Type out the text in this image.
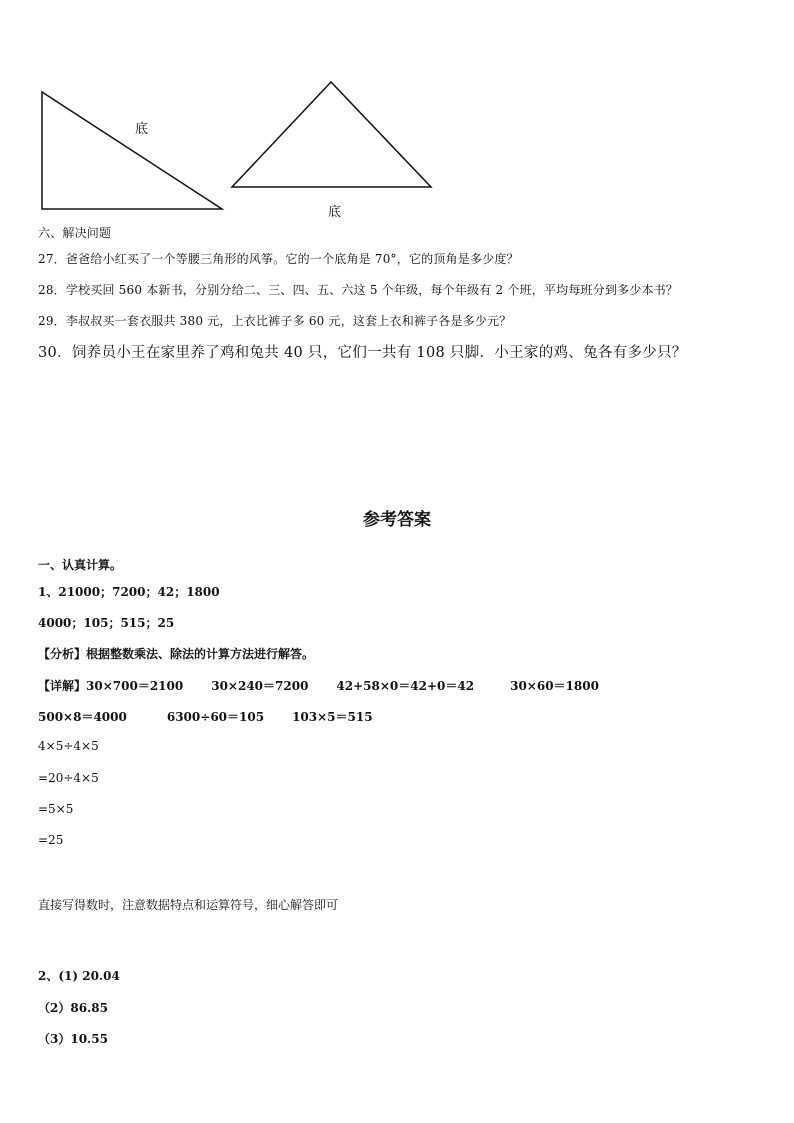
底
底
六、解决问题
27．爸爸给小红买了一个等腰三角形的风筝。它的一个底角是 70°，它的顶角是多少度？
28．学校买回 560 本新书，分别分给二、三、四、五、六这 5 个年级，每个年级有 2 个班，平均每班分到多少本书？
29．李叔叔买一套衣服共 380 元，上衣比裤子多 60 元，这套上衣和裤子各是多少元？
30．饲养员小王在家里养了鸡和兔共 40 只，它们一共有 108 只脚．小王家的鸡、兔各有多少只？
参考答案
一、认真计算。
1、21000；7200；42；1800
4000；105；515；25
【分析】根据整数乘法、除法的计算方法进行解答。
【详解】30×700＝2100 30×240＝7200 42+58×0＝42+0＝42	30×60＝1800
500×8＝4000	6300÷60＝105 103×5＝515
4×5÷4×5
=20÷4×5
=5×5
=25
直接写得数时，注意数据特点和运算符号，细心解答即可
2、(1) 20.04
（2）86.85
（3）10.55
